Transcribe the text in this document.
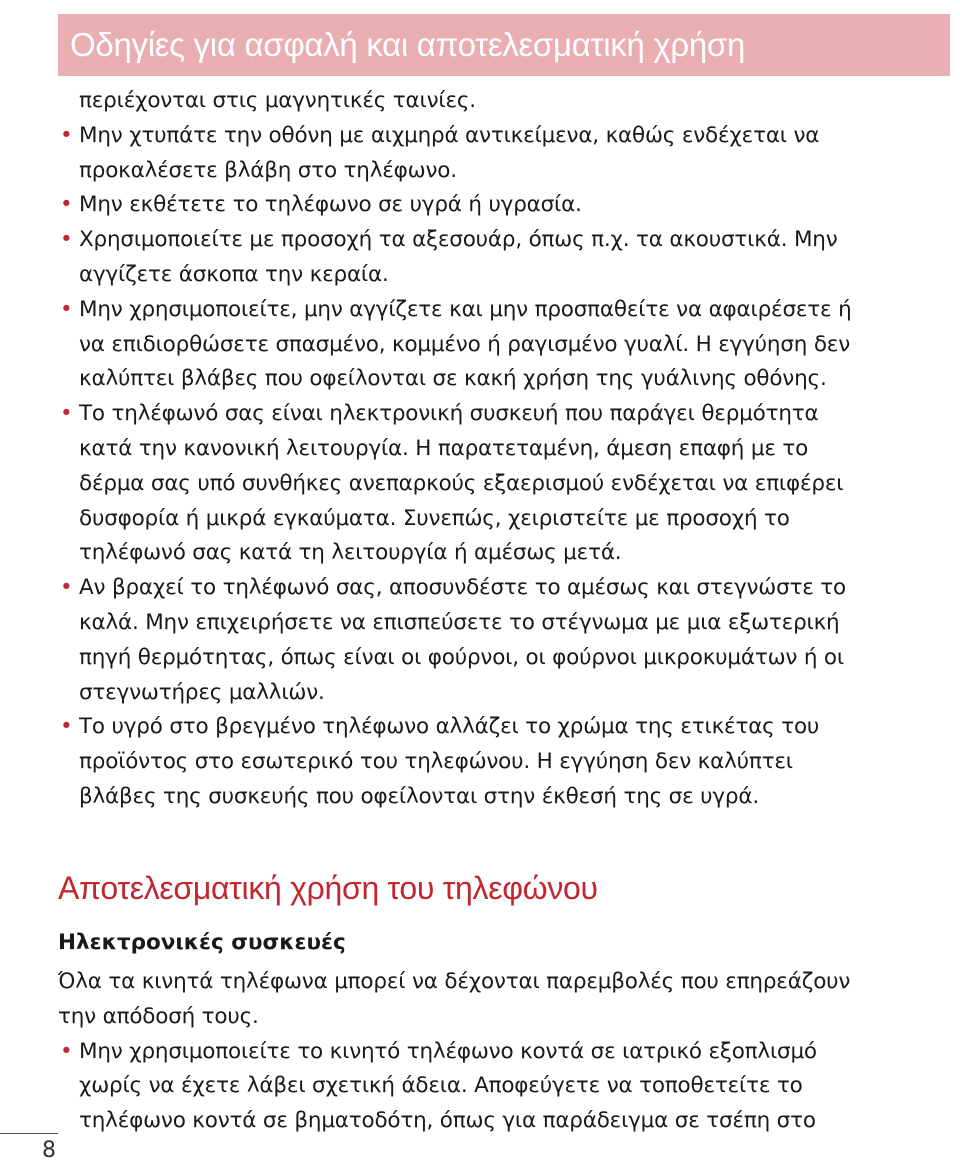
Οδηγίες για ασφαλή και αποτελεσματική χρήση
περιέχονται στις μαγνητικές ταινίες.
• Μην χτυπάτε την οθόνη με αιχμηρά αντικείμενα, καθώς ενδέχεται να
προκαλέσετε βλάβη στο τηλέφωνο.
• Μην εκθέτετε το τηλέφωνο σε υγρά ή υγρασία.
• Χρησιμοποιείτε με προσοχή τα αξεσουάρ, όπως π.χ. τα ακουστικά. Μην
αγγίζετε άσκοπα την κεραία.
• Μην χρησιμοποιείτε, μην αγγίζετε και μην προσπαθείτε να αφαιρέσετε ή
να επιδιορθώσετε σπασμένο, κομμένο ή ραγισμένο γυαλί. Η εγγύηση δεν
καλύπτει βλάβες που οφείλονται σε κακή χρήση της γυάλινης οθόνης.
• Το τηλέφωνό σας είναι ηλεκτρονική συσκευή που παράγει θερμότητα
κατά την κανονική λειτουργία. Η παρατεταμένη, άμεση επαφή με το
δέρμα σας υπό συνθήκες ανεπαρκούς εξαερισμού ενδέχεται να επιφέρει
δυσφορία ή μικρά εγκαύματα. Συνεπώς, χειριστείτε με προσοχή το
τηλέφωνό σας κατά τη λειτουργία ή αμέσως μετά.
• Αν βραχεί το τηλέφωνό σας, αποσυνδέστε το αμέσως και στεγνώστε το
καλά. Μην επιχειρήσετε να επισπεύσετε το στέγνωμα με μια εξωτερική
πηγή θερμότητας, όπως είναι οι φούρνοι, οι φούρνοι μικροκυμάτων ή οι
στεγνωτήρες μαλλιών.
• Το υγρό στο βρεγμένο τηλέφωνο αλλάζει το χρώμα της ετικέτας του
προϊόντος στο εσωτερικό του τηλεφώνου. Η εγγύηση δεν καλύπτει
βλάβες της συσκευής που οφείλονται στην έκθεσή της σε υγρά.
Αποτελεσματική χρήση του τηλεφώνου
Ηλεκτρονικές συσκευές
Όλα τα κινητά τηλέφωνα μπορεί να δέχονται παρεμβολές που επηρεάζουν
την απόδοσή τους.
• Μην χρησιμοποιείτε το κινητό τηλέφωνο κοντά σε ιατρικό εξοπλισμό
χωρίς να έχετε λάβει σχετική άδεια. Αποφεύγετε να τοποθετείτε το
τηλέφωνο κοντά σε βηματοδότη, όπως για παράδειγμα σε τσέπη στο
8
